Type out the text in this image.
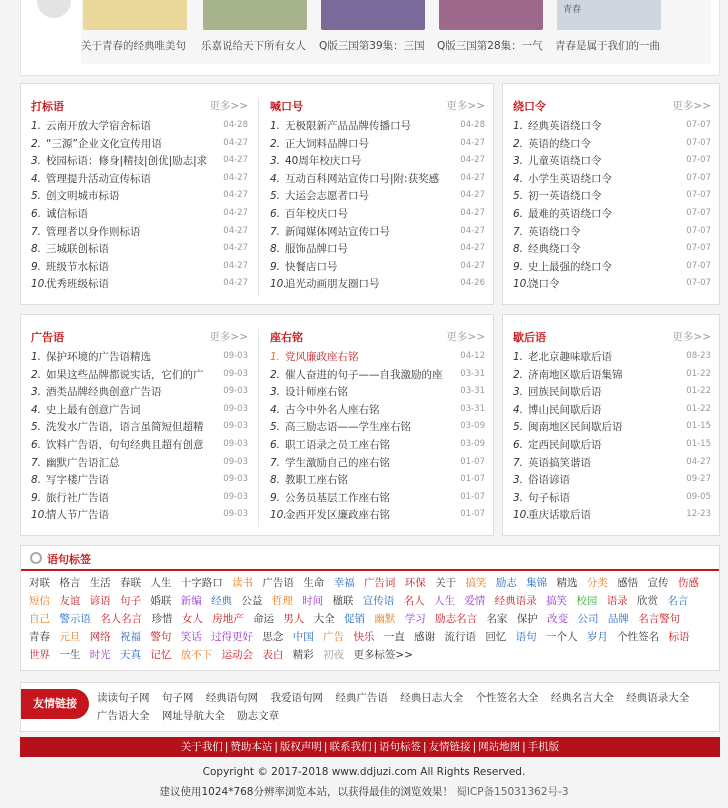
关于青春的经典唯美句	乐嘉说给天下所有女人	Q版三国第39集：三国	Q版三国第28集：一气
青春
青春是属于我们的一曲
打标语	更多>>
1. 云南开放大学宿舍标语	04-28
2. “三源”企业文化宣传用语	04-27
3. 校园标语：修身|精技|创优|励志|求 04-27
4. 管理提升活动宣传标语	04-27
5. 创文明城市标语	04-27
6. 诚信标语	04-27
7. 管理者以身作则标语	04-27
8. 三城联创标语	04-27
9. 班级节水标语	04-27
10.优秀班级标语	04-27
喊口号	更多>>
1. 无极限新产品品牌传播口号	04-28
2. 正大饲料品牌口号	04-27
3. 40周年校庆口号	04-27
4. 互动百科网站宣传口号|附:获奖感 04-27
5. 大运会志愿者口号	04-27
6. 百年校庆口号	04-27
7. 新闻媒体网站宣传口号	04-27
8. 服饰品牌口号	04-27
9. 快餐店口号	04-27
10.追光动画朋友圈口号	04-26
绕口令	更多>>
1. 经典英语绕口令	07-07
2. 英语的绕口令	07-07
3. 儿童英语绕口令	07-07
4. 小学生英语绕口令	07-07
5. 初一英语绕口令	07-07
6. 最难的英语绕口令	07-07
7. 英语绕口令	07-07
8. 经典绕口令	07-07
9. 史上最强的绕口令	07-07
10.饶口令	07-07
广告语	更多>>
1. 保护环境的广告语精选	09-03
2. 如果这些品牌都说实话，它们的广 09-03
3. 酒类品牌经典创意广告语	09-03
4. 史上最有创意广告词	09-03
5. 洗发水广告语，语言虽简短但超精 09-03
6. 饮料广告语，句句经典且超有创意 09-03
7. 幽默广告语汇总	09-03
8. 写字楼广告语	09-03
9. 旅行社广告语	09-03
10.情人节广告语	09-03
座右铭	更多>>
1. 党风廉政座右铭	04-12
2. 催人奋进的句子——自我激励的座 03-31
3. 设计师座右铭	03-31
4. 古今中外名人座右铭	03-31
5. 高三励志语——学生座右铭	03-09
6. 职工语录之员工座右铭	03-09
7. 学生激励自己的座右铭	01-07
8. 教职工座右铭	01-07
9. 公务员基层工作座右铭	01-07
10.金西开发区廉政座右铭	01-07
歇后语	更多>>
1. 老北京趣味歇后语	08-23
2. 济南地区歇后语集锦	01-22
3. 回族民间歇后语	01-22
4. 博山民间歇后语	01-22
5. 闽南地区民间歇后语	01-15
6. 定西民间歇后语	01-15
7. 英语搞笑谐语	04-27
3. 俗语谚语	09-27
3. 句子标语	09-05
10.重庆话歇后语	12-23
语句标签
对联 格言 生活 春联 人生 十字路口 读书 广告语 生命 幸福 广告词 环保 关于 搞笑 励志 集锦 精选 分类 感悟 宣传 伤感 短信 友谊 谚语 句子 婚联 新编 经典 公益 哲理 时间 楹联 宣传语 名人 人生 爱情 经典语录 搞笑 校园 语录 欣赏 名言 自己 警示语 名人名言 珍惜 女人 房地产 命运 男人 大全 促销 幽默 学习 励志名言 名家 保护 改变 公司 品牌 名言警句 青春 元旦 网络 祝福 警句 笑话 过得更好 思念 中国 广告 快乐 一直 感谢 流行语 回忆 语句 一个人 岁月 个性签名 标语 世界 一生 时光 天真 记忆 放不下 运动会 表白 精彩 初夜 更多标签>>
友情链接	读读句子网 句子网 经典语句网 我爱语句网 经典广告语 经典日志大全 个性签名大全 经典名言大全 经典语录大全 广告语大全 网址导航大全 励志文章
关于我们 | 赞助本站 | 版权声明 | 联系我们 | 语句标签 | 友情链接 | 网站地图 | 手机版
Copyright © 2017-2018 www.ddjuzi.com All Rights Reserved.
建议使用1024*768分辨率浏览本站，以获得最佳的浏览效果！ 蜀ICP备15031362号-3
